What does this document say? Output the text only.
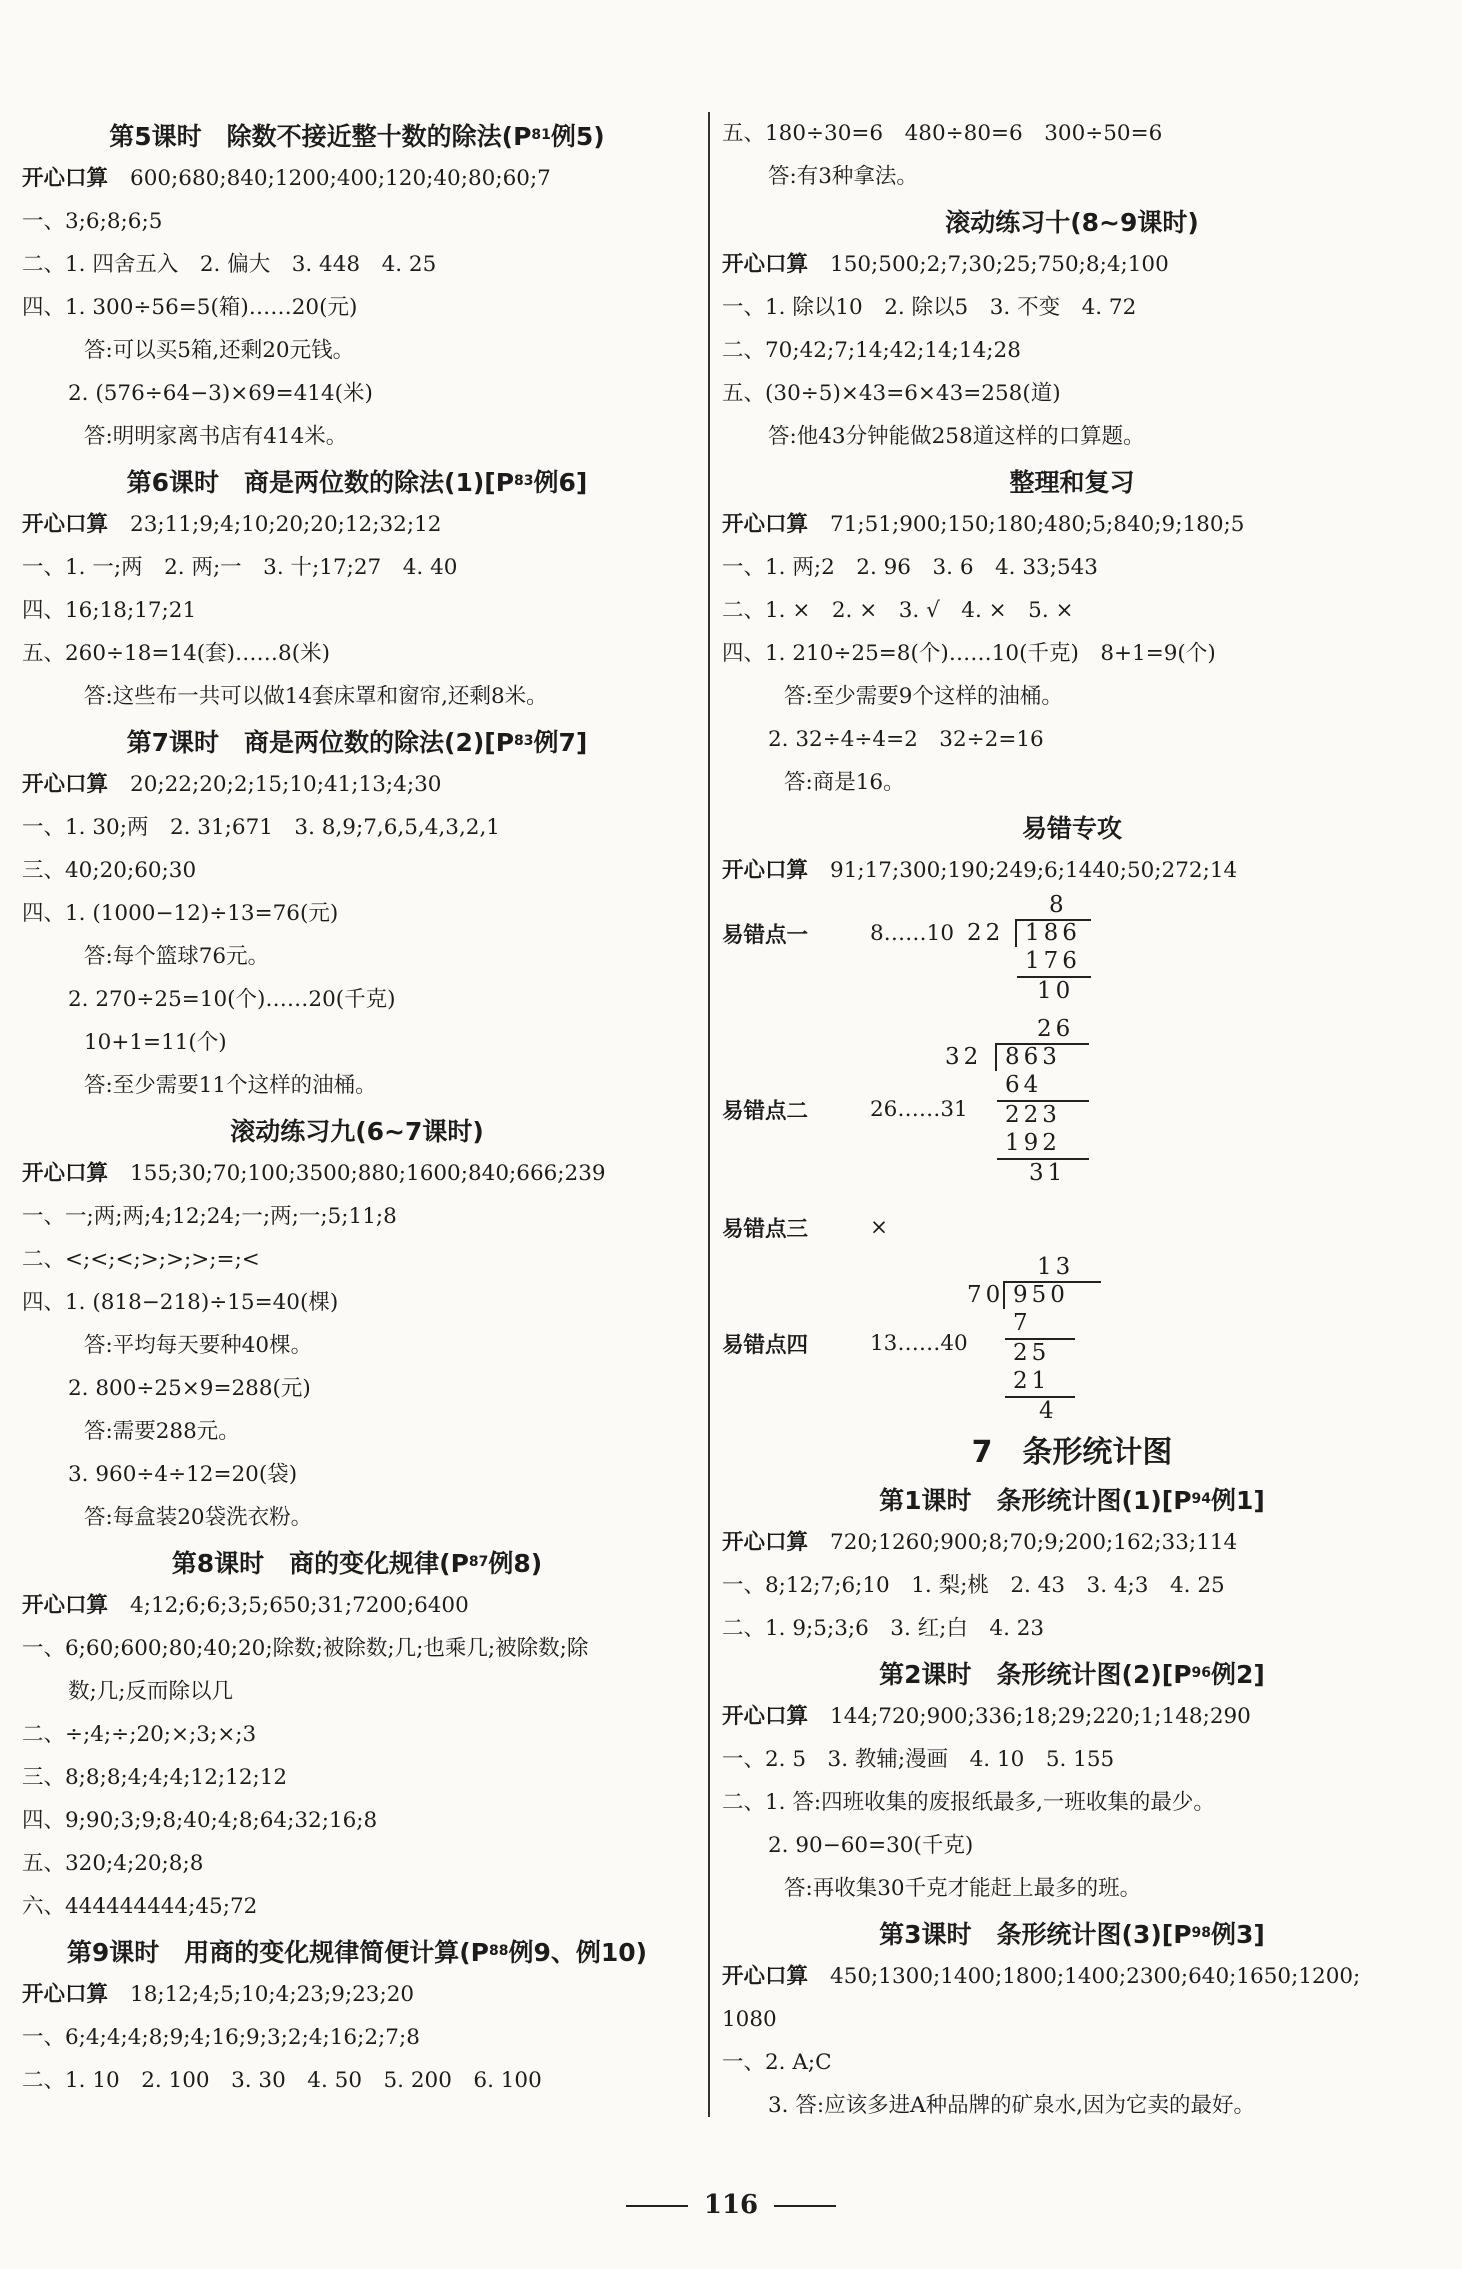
第5课时　除数不接近整十数的除法(P 81 例5)
开心口算 600;680;840;1200;400;120;40;80;60;7
一、3;6;8;6;5
二、1. 四舍五入　2. 偏大　3. 448　4. 25
四、1. 300÷56=5(箱)……20(元)
答:可以买5箱,还剩20元钱。
2. (576÷64−3)×69=414(米)
答:明明家离书店有414米。
第6课时　商是两位数的除法(1)[P 83 例6]
开心口算 23;11;9;4;10;20;20;12;32;12
一、1. 一;两　2. 两;一　3. 十;17;27　4. 40
四、16;18;17;21
五、260÷18=14(套)……8(米)
答:这些布一共可以做14套床罩和窗帘,还剩8米。
第7课时　商是两位数的除法(2)[P 83 例7]
开心口算 20;22;20;2;15;10;41;13;4;30
一、1. 30;两　2. 31;671　3. 8,9;7,6,5,4,3,2,1
三、40;20;60;30
四、1. (1000−12)÷13=76(元)
答:每个篮球76元。
2. 270÷25=10(个)……20(千克)
10+1=11(个)
答:至少需要11个这样的油桶。
滚动练习九(6~7课时)
开心口算 155;30;70;100;3500;880;1600;840;666;239
一、一;两;两;4;12;24;一;两;一;5;11;8
二、<;<;<;>;>;>;=;<
四、1. (818−218)÷15=40(棵)
答:平均每天要种40棵。
2. 800÷25×9=288(元)
答:需要288元。
3. 960÷4÷12=20(袋)
答:每盒装20袋洗衣粉。
第8课时　商的变化规律(P 87 例8)
开心口算 4;12;6;6;3;5;650;31;7200;6400
一、6;60;600;80;40;20;除数;被除数;几;也乘几;被除数;除
数;几;反而除以几
二、÷;4;÷;20;×;3;×;3
三、8;8;8;4;4;4;12;12;12
四、9;90;3;9;8;40;4;8;64;32;16;8
五、320;4;20;8;8
六、444444444;45;72
第9课时　用商的变化规律简便计算(P 88 例9、例10)
开心口算 18;12;4;5;10;4;23;9;23;20
一、6;4;4;4;8;9;4;16;9;3;2;4;16;2;7;8
二、1. 10　2. 100　3. 30　4. 50　5. 200　6. 100
五、180÷30=6　480÷80=6　300÷50=6
答:有3种拿法。
滚动练习十(8~9课时)
开心口算 150;500;2;7;30;25;750;8;4;100
一、1. 除以10　2. 除以5　3. 不变　4. 72
二、70;42;7;14;42;14;14;28
五、(30÷5)×43=6×43=258(道)
答:他43分钟能做258道这样的口算题。
整理和复习
开心口算 71;51;900;150;180;480;5;840;9;180;5
一、1. 两;2　2. 96　3. 6　4. 33;543
二、1. ×　2. ×　3. √　4. ×　5. ×
四、1. 210÷25=8(个)……10(千克)　8+1=9(个)
答:至少需要9个这样的油桶。
2. 32÷4÷4=2　32÷2=16
答:商是16。
易错专攻
开心口算 91;17;300;190;249;6;1440;50;272;14
易错点一	8……10
8
22 186
176
10
易错点二	26……31
26
32 863
64
223
192
31
易错点三	×
易错点四	13……40
13
70 950
7
25
21
4
7　条形统计图
第1课时　条形统计图(1)[P 94 例1]
开心口算 720;1260;900;8;70;9;200;162;33;114
一、8;12;7;6;10　1. 梨;桃　2. 43　3. 4;3　4. 25
二、1. 9;5;3;6　3. 红;白　4. 23
第2课时　条形统计图(2)[P 96 例2]
开心口算 144;720;900;336;18;29;220;1;148;290
一、2. 5　3. 教辅;漫画　4. 10　5. 155
二、1. 答:四班收集的废报纸最多,一班收集的最少。
2. 90−60=30(千克)
答:再收集30千克才能赶上最多的班。
第3课时　条形统计图(3)[P 98 例3]
开心口算 450;1300;1400;1800;1400;2300;640;1650;1200;
1080
一、2. A;C
3. 答:应该多进A种品牌的矿泉水,因为它卖的最好。
116
